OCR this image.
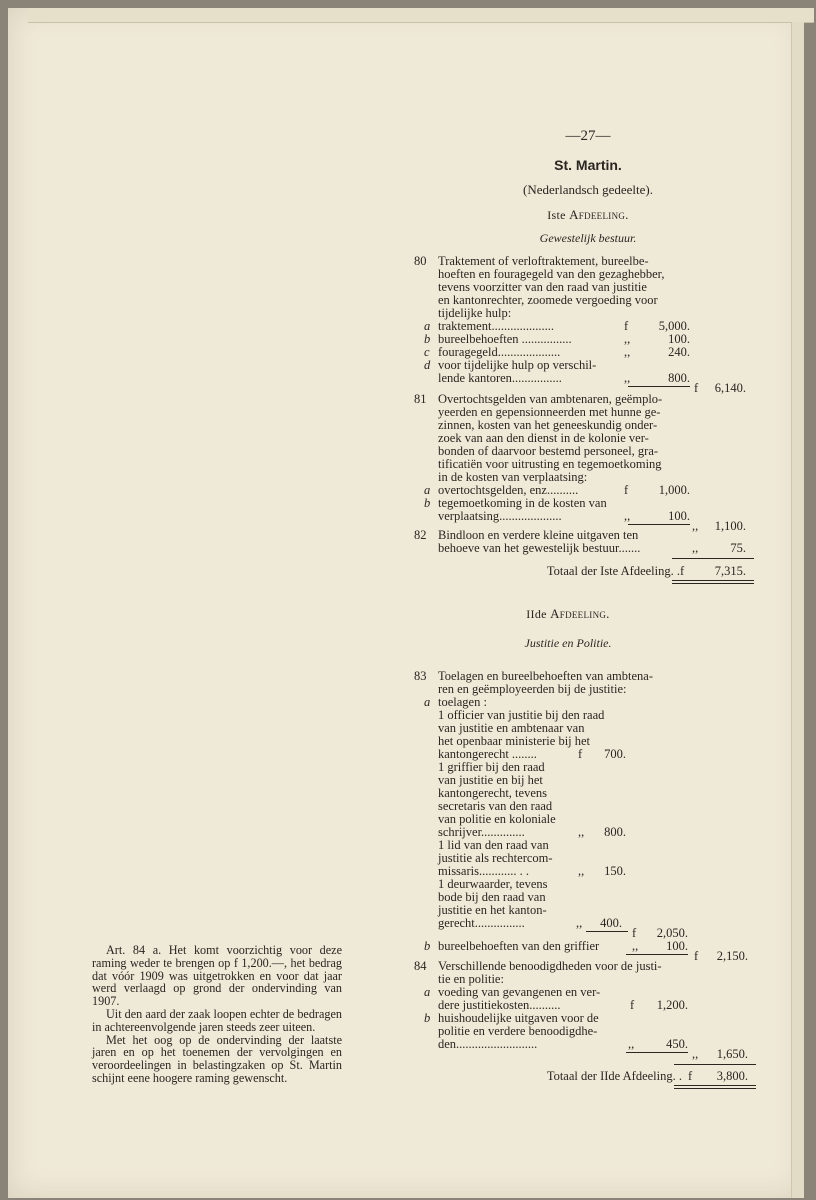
—27—
St. Martin.
(Nederlandsch gedeelte).
Iste Afdeeling.
Gewestelijk bestuur.
80 Traktement of verloftraktement, bureelbe-
hoeften en fouragegeld van den gezaghebber,
tevens voorzitter van den raad van justitie
en kantonrechter, zoomede vergoeding voor
tijdelijke hulp:
a traktement....................	f	5,000.
b bureelbehoeften ................	,,	100.
c fouragegeld....................	,,	240.
d voor tijdelijke hulp op verschil-
lende kantoren................	,,	800.
f	6,140.
81 Overtochtsgelden van ambtenaren, geëmplo-
yeerden en gepensionneerden met hunne ge-
zinnen, kosten van het geneeskundig onder-
zoek van aan den dienst in de kolonie ver-
bonden of daarvoor bestemd personeel, gra-
tificatiën voor uitrusting en tegemoetkoming
in de kosten van verplaatsing:
a overtochtsgelden, enz..........	f	1,000.
b tegemoetkoming in de kosten van
verplaatsing....................	,,	100.
,,	1,100.
82 Bindloon en verdere kleine uitgaven ten
behoeve van het gewestelijk bestuur.......	,,	75.
Totaal der Iste Afdeeling. . f	7,315.
IIde Afdeeling.
Justitie en Politie.
83 Toelagen en bureelbehoeften van ambtena-
ren en geëmployeerden bij de justitie:
a toelagen :
1 officier van justitie bij den raad
van justitie en ambtenaar van
het openbaar ministerie bij het
kantongerecht ........	f	700.
1 griffier bij den raad
van justitie en bij het
kantongerecht, tevens
secretaris van den raad
van politie en koloniale
schrijver..............	,,	800.
1 lid van den raad van
justitie als rechtercom-
missaris............ . .	,,	150.
1 deurwaarder, tevens
bode bij den raad van
justitie en het kanton-
gerecht................	,,	400.
f	2,050.
b bureelbehoeften van den griffier	,,	100.
f	2,150.
84 Verschillende benoodigdheden voor de justi-
tie en politie:
a voeding van gevangenen en ver-
dere justitiekosten..........	f	1,200.
b huishoudelijke uitgaven voor de
politie en verdere benoodigdhe-
den..........................	,,	450.
,,	1,650.
Totaal der IIde Afdeeling. . f	3,800.

Art. 84 a. Het komt voorzichtig voor deze raming weder te brengen op f 1,200.—, het bedrag dat vóór 1909 was uitgetrokken en voor dat jaar werd verlaagd op grond der ondervinding van 1907.

Uit den aard der zaak loopen echter de bedragen in achtereenvolgende jaren steeds zeer uiteen.

Met het oog op de ondervinding der laatste jaren en op het toenemen der vervolgingen en veroordeelingen in belastingzaken op St. Martin schijnt eene hoogere raming gewenscht.
